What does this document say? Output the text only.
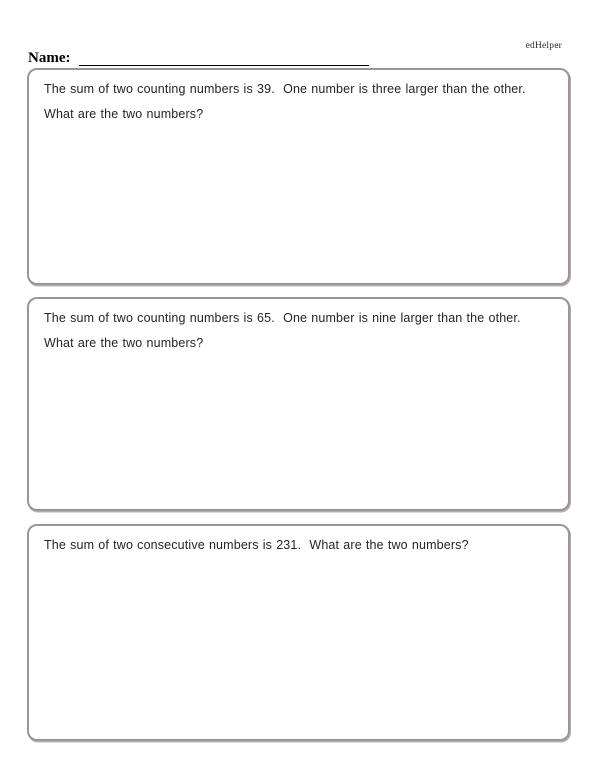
edHelper
Name:
The sum of two counting numbers is 39.  One number is three larger than the other.  What are the two numbers?
The sum of two counting numbers is 65.  One number is nine larger than the other.  What are the two numbers?
The sum of two consecutive numbers is 231.  What are the two numbers?
